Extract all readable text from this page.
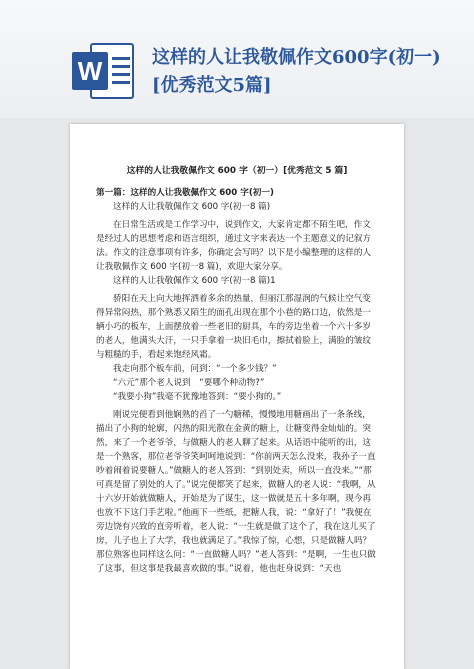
W	这样的人让我敬佩作文600字(初一)[优秀范文5篇]
这样的人让我敬佩作文 600 字（初一）[优秀范文 5 篇]
第一篇：这样的人让我敬佩作文 600 字(初一)

这样的人让我敬佩作文 600 字(初一8 篇)

在日常生活或是工作学习中，说到作文，大家肯定都不陌生吧，作文是经过人的思想考虑和语言组织，通过文字来表达一个主题意义的记叙方法。作文的注意事项有许多，你确定会写吗？以下是小编整理的这样的人让我敬佩作文 600 字(初一8 篇)，欢迎大家分享。

这样的人让我敬佩作文 600 字(初一8 篇)1

骄阳在天上向大地挥洒着多余的热量，但丽江那湿润的气候让空气变得异常闷热，那个熟悉又陌生的面孔出现在那个小巷的路口边，依然是一辆小巧的板车，上面摆放着一些老旧的厨具，车的旁边坐着一个六十多岁的老人，他满头大汗，一只手拿着一块旧毛巾，擦拭着脸上，满脸的皱纹与粗糙的手，看起来饱经风霜。

我走向那个板车前，问到：“一个多少钱？”

“六元”那个老人说到　“要哪个种动物?”

“我要小狗”我毫不犹豫地答到：“要小狗的。”

刚说完便看到他娴熟的舀了一勺糖稀，慢慢地用糖画出了一条条线，描出了小狗的轮廓，闪热的阳光散在金黄的糖上，让糖变得金灿灿的。突然，来了一个老爷爷，与做糖人的老人聊了起来。从话语中能听的出，这是一个熟客，那位老爷爷笑呵呵地说到：“你前两天怎么没来，我孙子一直吵着闹着说要糖人。”做糖人的老人答到：“到别处卖，所以一直没来。”“那可真是留了别处的人了。”说完便都笑了起来，做糖人的老人说：“我啊，从十六岁开始就做糖人，开始是为了谋生，这一做就是五十多年啊，现今再也放不下这门手艺啦。”他画下一些纸，把糖人我，说：“拿好了！”我便在旁边饶有兴致的直旁听着，老人说：“一生就是做了这个了，我在这儿买了房，儿子也上了大学，我也就满足了。”我惊了惊，心想，只是做糖人吗？那位熟客也同样这么问：“一直做糖人吗？”老人答到：“是啊，一生也只做了这事，但这事是我最喜欢做的事。”说着，他也赶身说到：“天也
